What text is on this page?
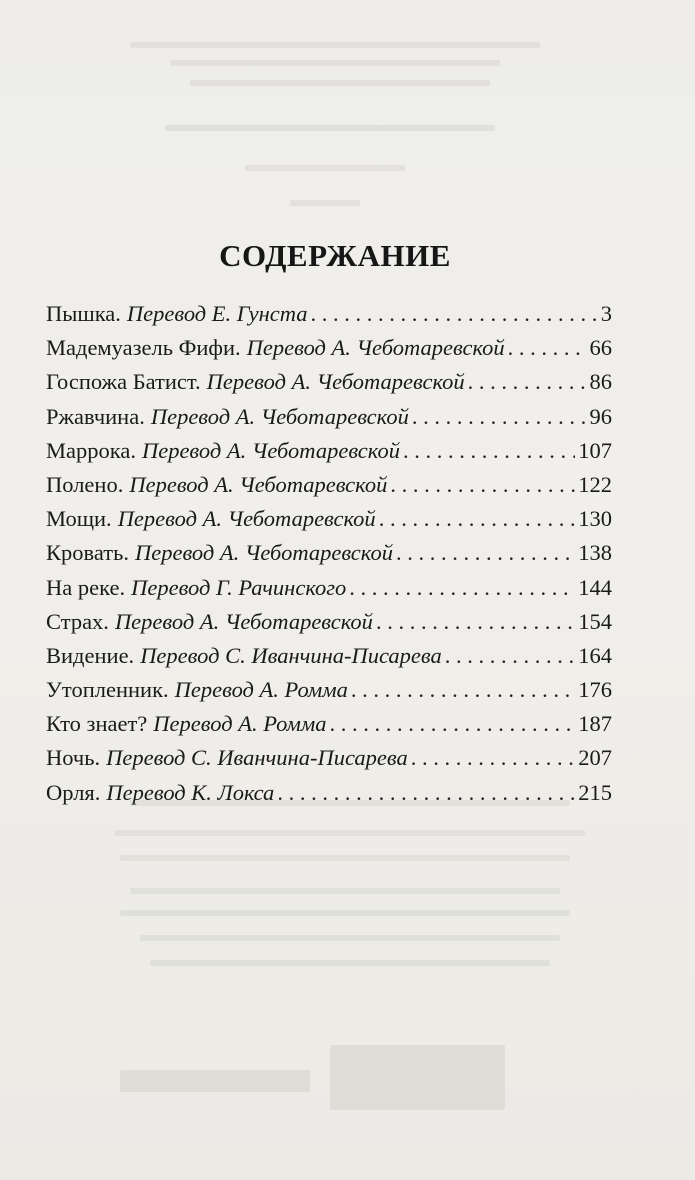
СОДЕРЖАНИЕ
Пышка. Перевод Е. Гунста . . .	3
Мадемуазель Фифи. Перевод А. Чеботаревской . . .	66
Госпожа Батист. Перевод А. Чеботаревской . . .	86
Ржавчина. Перевод А. Чеботаревской . . .	96
Маррока. Перевод А. Чеботаревской . . .	107
Полено. Перевод А. Чеботаревской . . .	122
Мощи. Перевод А. Чеботаревской . . .	130
Кровать. Перевод А. Чеботаревской . . .	138
На реке. Перевод Г. Рачинского . . .	144
Страх. Перевод А. Чеботаревской . . .	154
Видение. Перевод С. Иванчина-Писарева . . .	164
Утопленник. Перевод А. Ромма . . .	176
Кто знает? Перевод А. Ромма . . .	187
Ночь. Перевод С. Иванчина-Писарева . . .	207
Орля. Перевод К. Локса . . .	215
